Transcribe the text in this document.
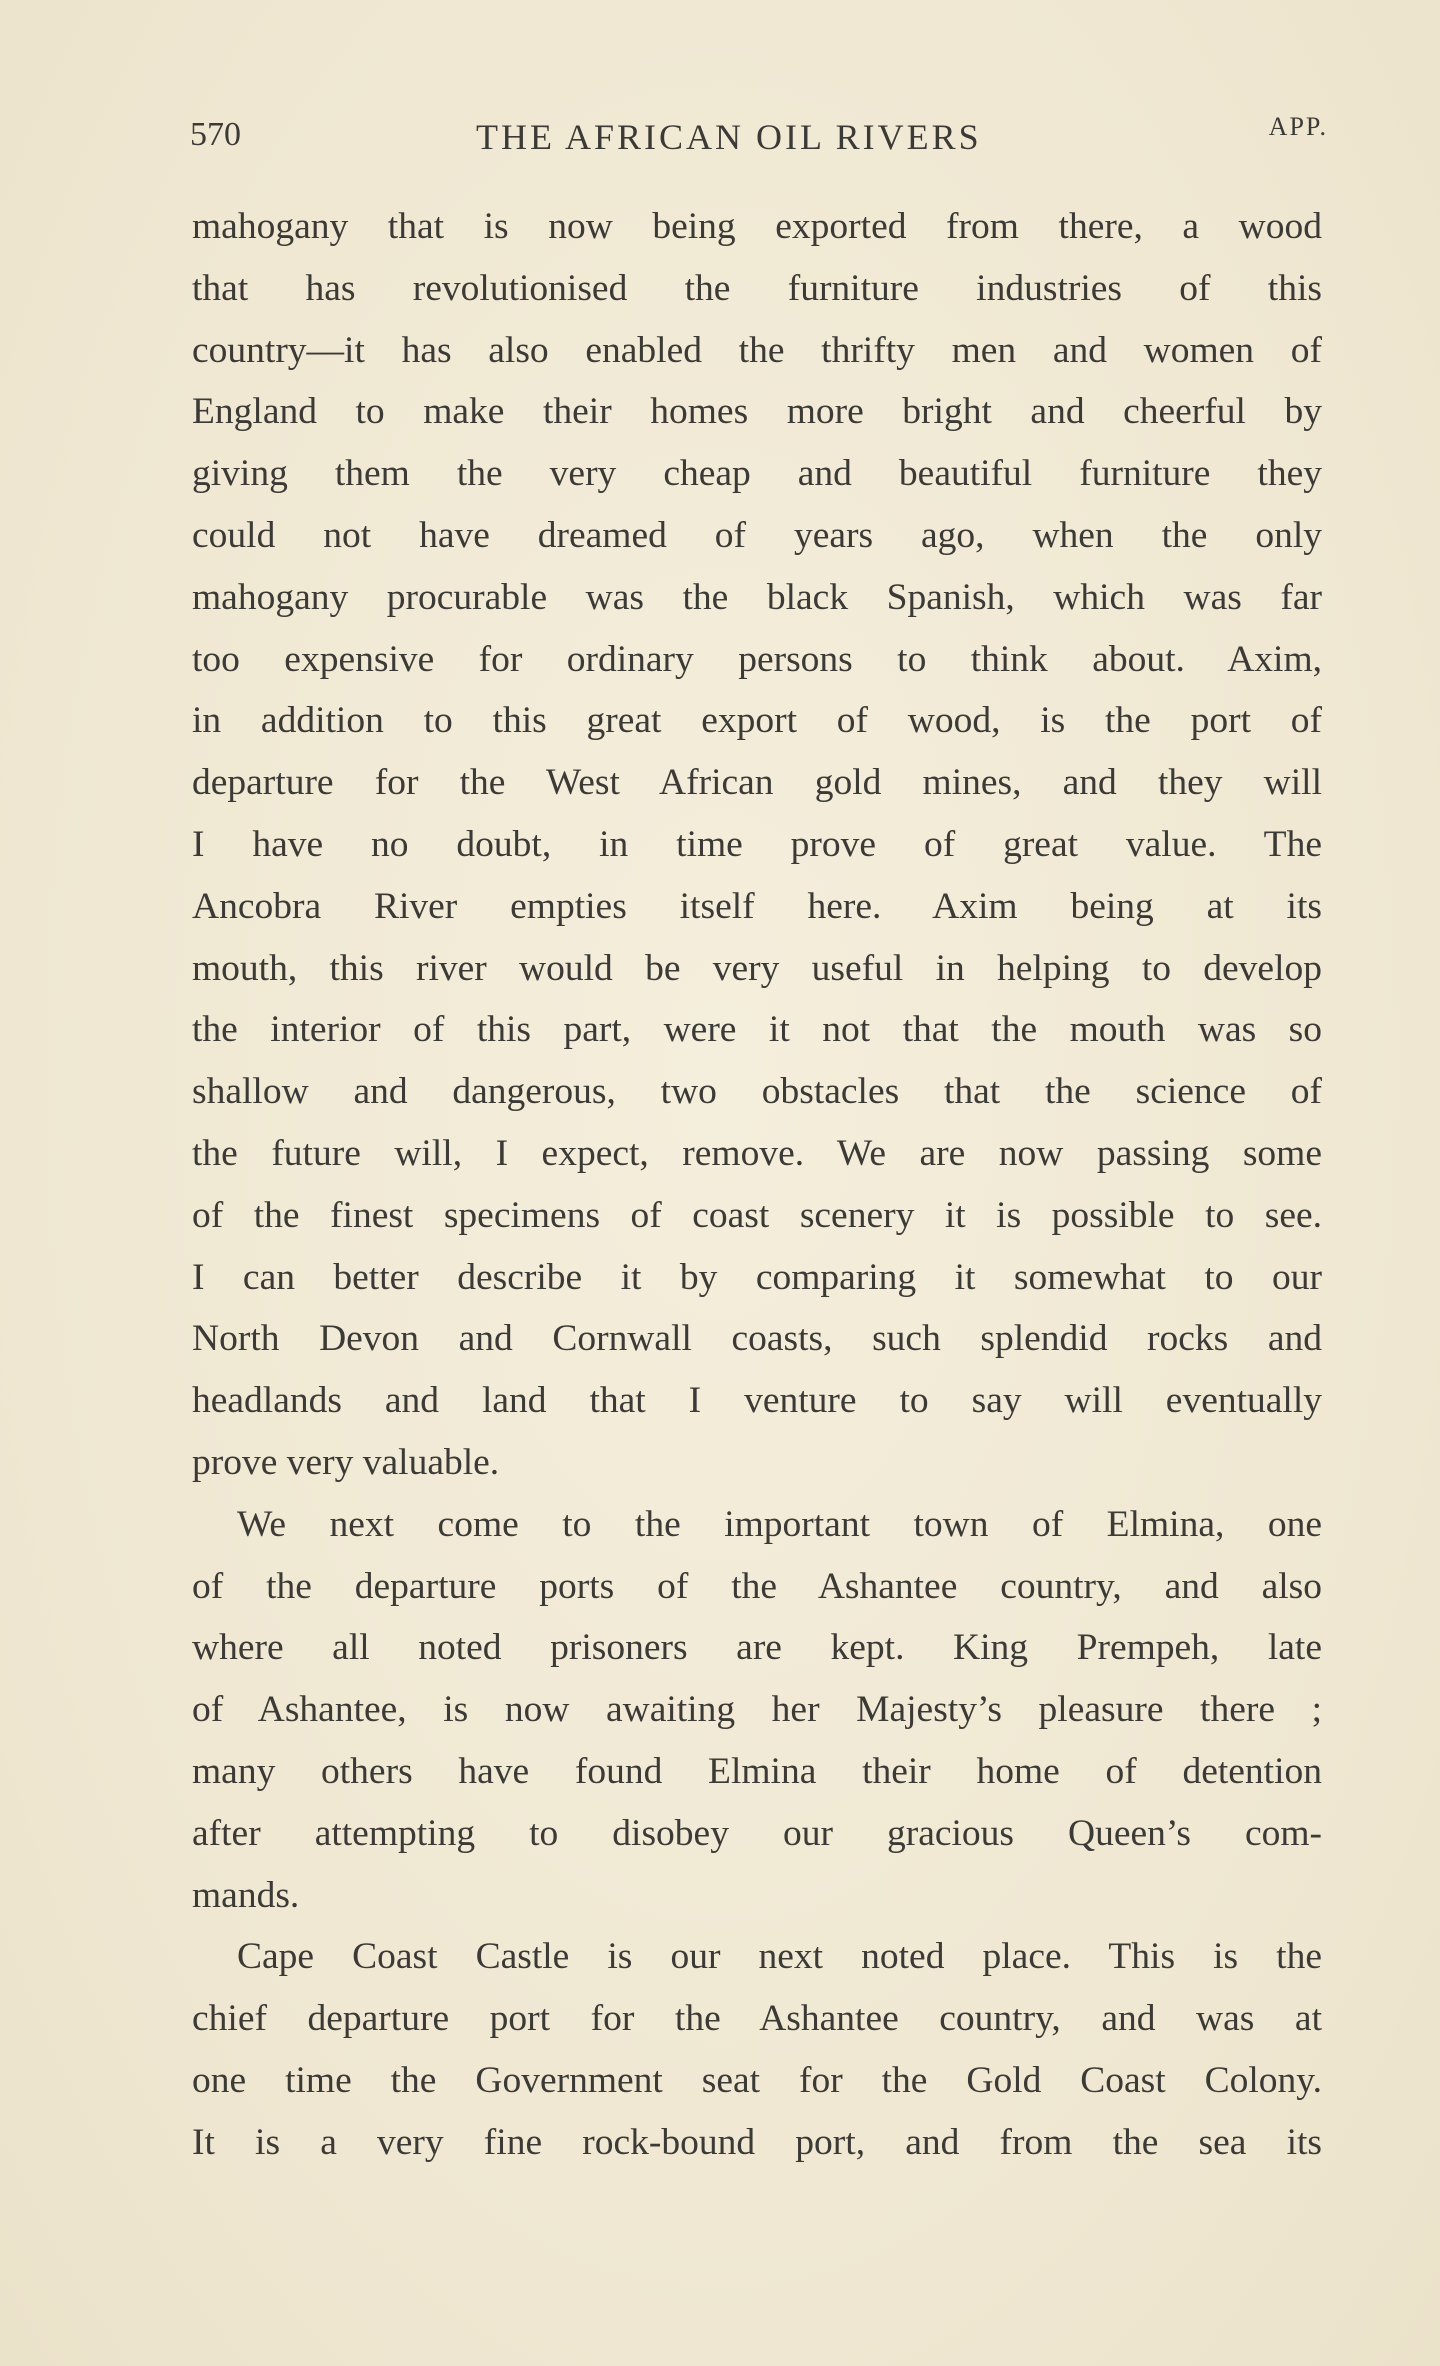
570	THE AFRICAN OIL RIVERS	APP.
mahogany that is now being exported from there, a wood
that has revolutionised the furniture industries of this
country—it has also enabled the thrifty men and women of
England to make their homes more bright and cheerful by
giving them the very cheap and beautiful furniture they
could not have dreamed of years ago, when the only
mahogany procurable was the black Spanish, which was far
too expensive for ordinary persons to think about. Axim,
in addition to this great export of wood, is the port of
departure for the West African gold mines, and they will
I have no doubt, in time prove of great value. The
Ancobra River empties itself here. Axim being at its
mouth, this river would be very useful in helping to develop
the interior of this part, were it not that the mouth was so
shallow and dangerous, two obstacles that the science of
the future will, I expect, remove. We are now passing some
of the finest specimens of coast scenery it is possible to see.
I can better describe it by comparing it somewhat to our
North Devon and Cornwall coasts, such splendid rocks and
headlands and land that I venture to say will eventually
prove very valuable.
We next come to the important town of Elmina, one
of the departure ports of the Ashantee country, and also
where all noted prisoners are kept. King Prempeh, late
of Ashantee, is now awaiting her Majesty’s pleasure there ;
many others have found Elmina their home of detention
after attempting to disobey our gracious Queen’s com-
mands.
Cape Coast Castle is our next noted place. This is the
chief departure port for the Ashantee country, and was at
one time the Government seat for the Gold Coast Colony.
It is a very fine rock-bound port, and from the sea its
